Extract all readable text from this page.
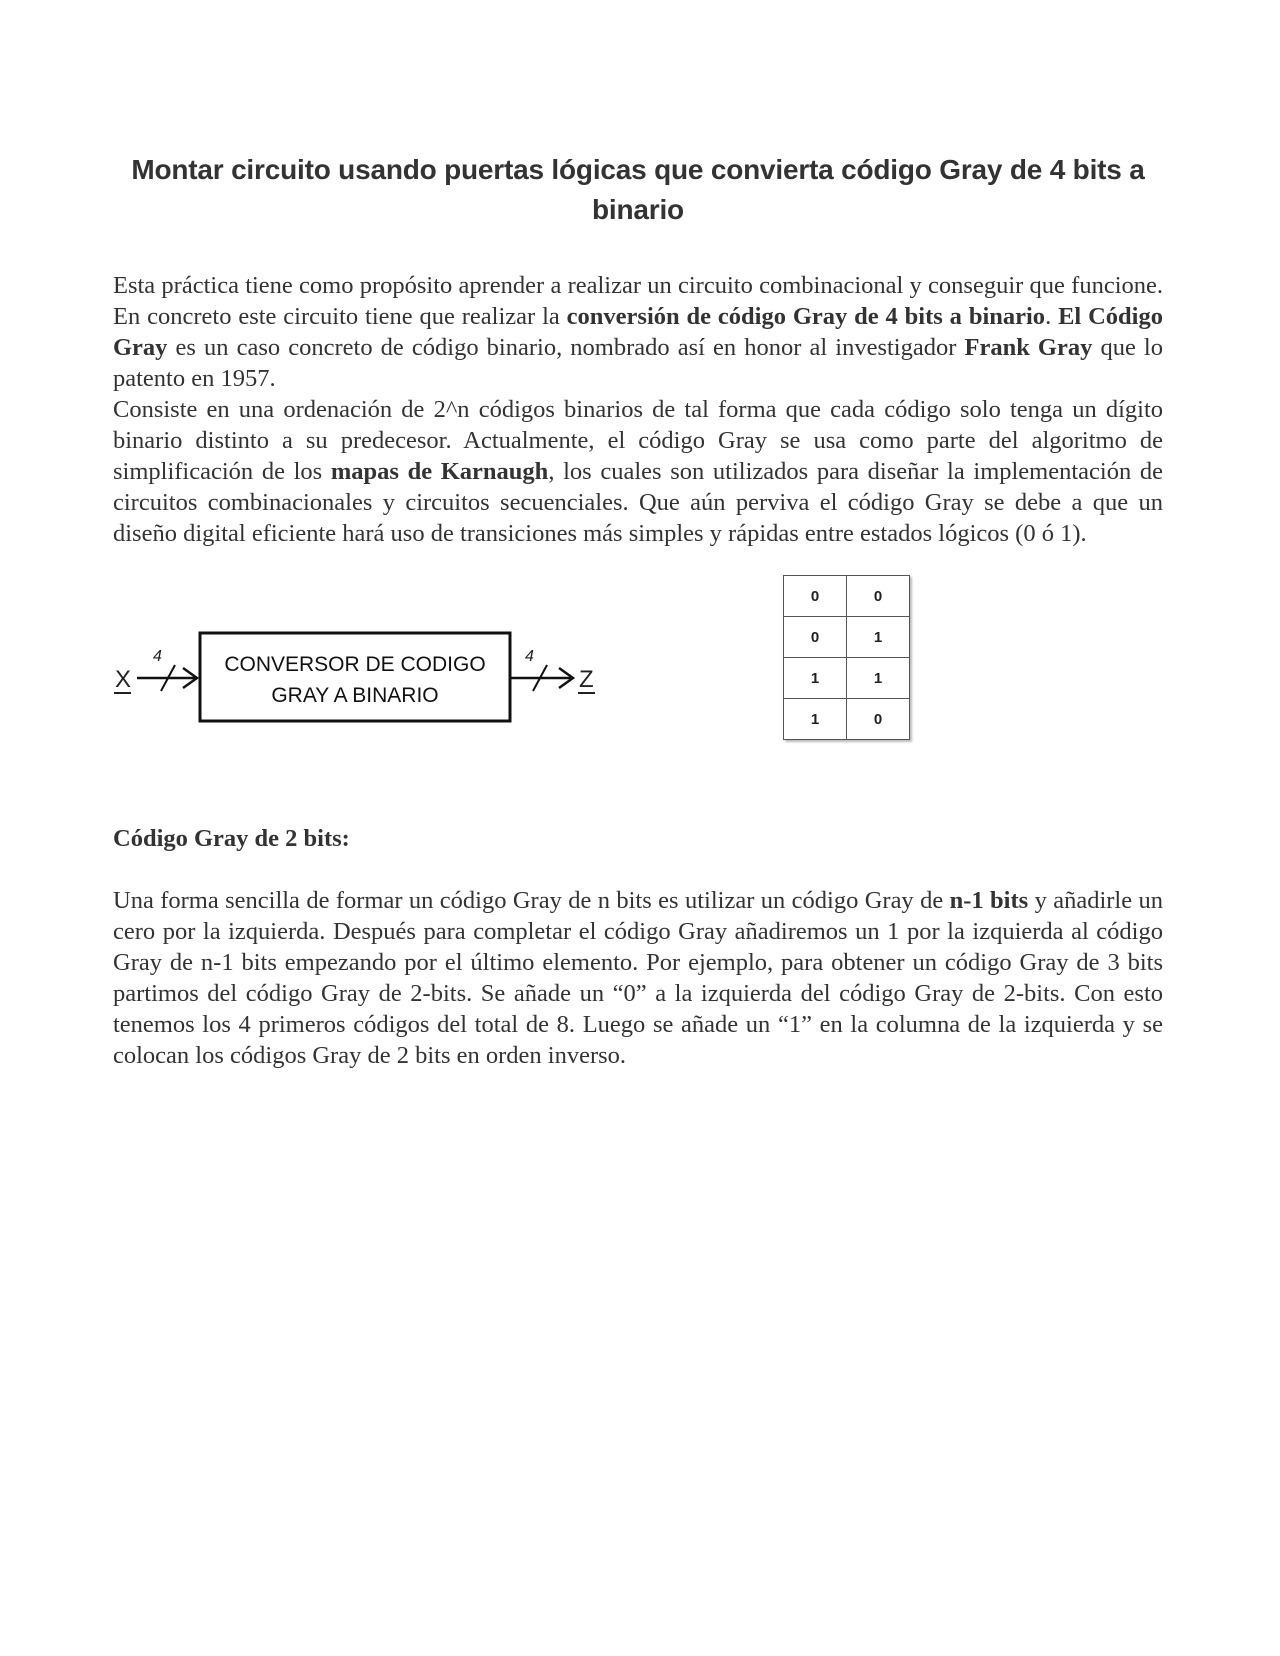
Montar circuito usando puertas lógicas que convierta código Gray de 4 bits a binario

Esta práctica tiene como propósito aprender a realizar un circuito combinacional y conseguir que funcione. En concreto este circuito tiene que realizar la conversión de código Gray de 4 bits a binario. El Código Gray es un caso concreto de código binario, nombrado así en honor al investigador Frank Gray que lo patento en 1957.

Consiste en una ordenación de 2^n códigos binarios de tal forma que cada código solo tenga un dígito binario distinto a su predecesor. Actualmente, el código Gray se usa como parte del algoritmo de simplificación de los mapas de Karnaugh, los cuales son utilizados para diseñar la implementación de circuitos combinacionales y circuitos secuenciales. Que aún perviva el código Gray se debe a que un diseño digital eficiente hará uso de transiciones más simples y rápidas entre estados lógicos (0 ó 1).

X
4	CONVERSOR DE CODIGO
GRAY A BINARIO
4
Z
0	0
0	1
1	1
1	0
Código Gray de 2 bits:

Una forma sencilla de formar un código Gray de n bits es utilizar un código Gray de n-1 bits y añadirle un cero por la izquierda. Después para completar el código Gray añadiremos un 1 por la izquierda al código Gray de n-1 bits empezando por el último elemento. Por ejemplo, para obtener un código Gray de 3 bits partimos del código Gray de 2-bits. Se añade un “0” a la izquierda del código Gray de 2-bits. Con esto tenemos los 4 primeros códigos del total de 8. Luego se añade un “1” en la columna de la izquierda y se colocan los códigos Gray de 2 bits en orden inverso.
